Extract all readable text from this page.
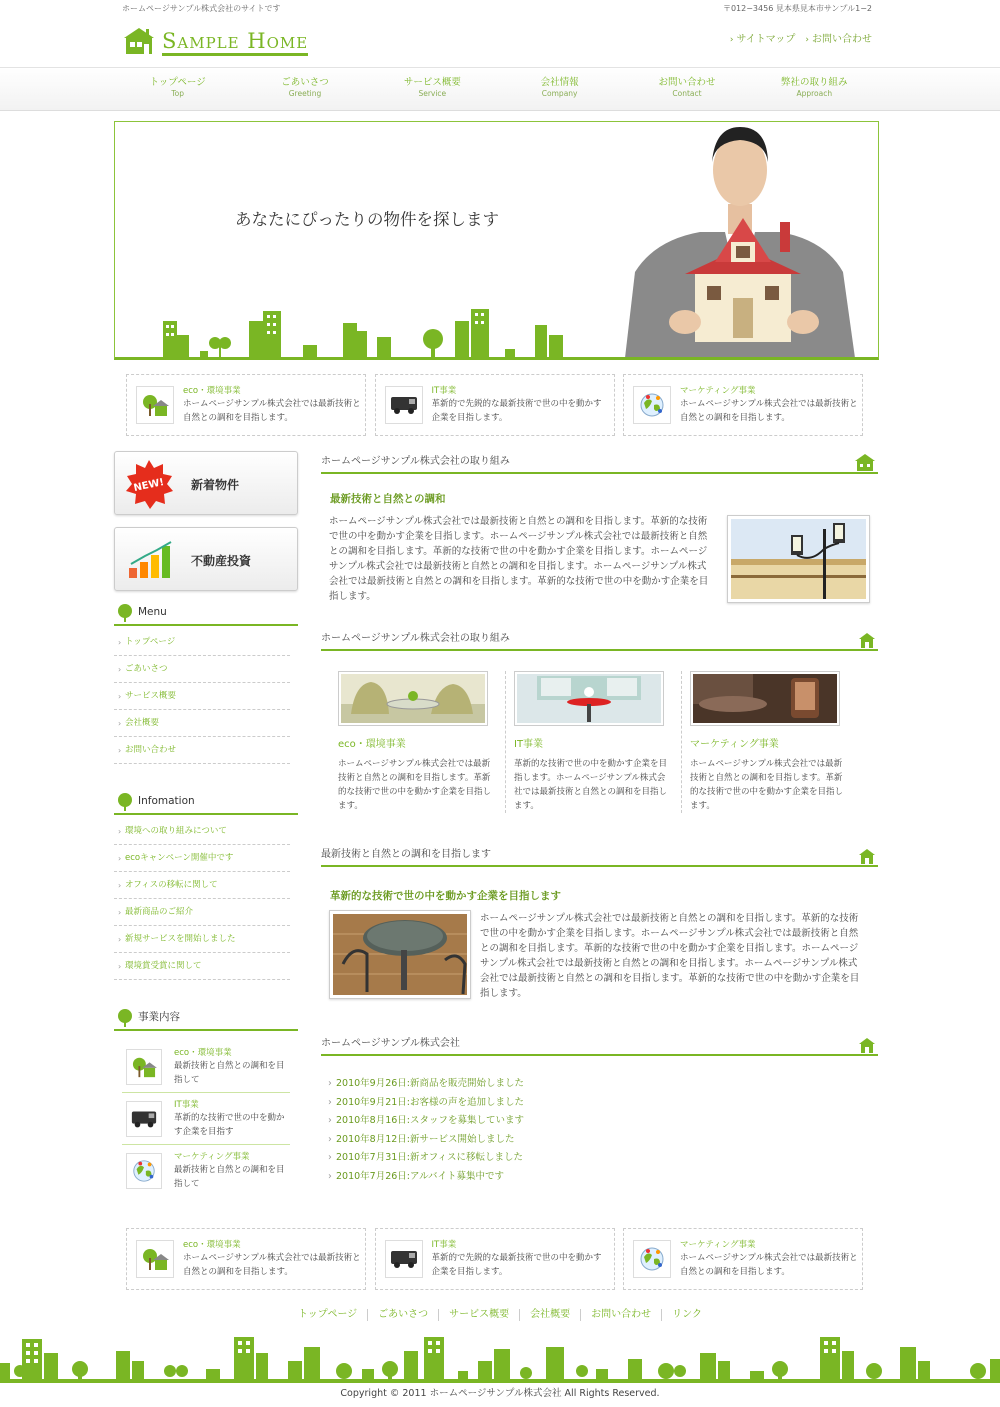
ホームページサンプル株式会社のサイトです	〒012−3456 見本県見本市サンプル1−2
Sample Home	› サイトマップ › お問い合わせ
トップページ
Top
ごあいさつ
Greeting
サービス概要
Service
会社情報
Company
お問い合わせ
Contact
弊社の取り組み
Approach
あなたにぴったりの物件を探します
eco・環境事業
ホームページサンプル株式会社では最新技術と自然との調和を目指します。
IT事業
革新的で先鋭的な最新技術で世の中を動かす企業を目指します。
マーケティング事業
ホームページサンプル株式会社では最新技術と自然との調和を目指します。
NEW! 新着物件
不動産投資
Menu
› トップページ
› ごあいさつ
› サービス概要
› 会社概要
› お問い合わせ
Infomation
› 環境への取り組みについて
› ecoキャンペーン開催中です
› オフィスの移転に関して
› 最新商品のご紹介
› 新規サービスを開始しました
› 環境賞受賞に関して
事業内容
eco・環境事業
最新技術と自然との調和を目指して
IT事業
革新的な技術で世の中を動かす企業を目指す
マーケティング事業
最新技術と自然との調和を目指して
ホームページサンプル株式会社の取り組み
最新技術と自然との調和
ホームページサンプル株式会社では最新技術と自然との調和を目指します。革新的な技術で世の中を動かす企業を目指します。ホームページサンプル株式会社では最新技術と自然との調和を目指します。革新的な技術で世の中を動かす企業を目指します。ホームページサンプル株式会社では最新技術と自然との調和を目指します。ホームページサンプル株式会社では最新技術と自然との調和を目指します。革新的な技術で世の中を動かす企業を目指します。
ホームページサンプル株式会社の取り組み
eco・環境事業
ホームページサンプル株式会社では最新技術と自然との調和を目指します。革新的な技術で世の中を動かす企業を目指します。
IT事業
革新的な技術で世の中を動かす企業を目指します。ホームページサンプル株式会社では最新技術と自然との調和を目指します。
マーケティング事業
ホームページサンプル株式会社では最新技術と自然との調和を目指します。革新的な技術で世の中を動かす企業を目指します。
最新技術と自然との調和を目指します
革新的な技術で世の中を動かす企業を目指します
ホームページサンプル株式会社では最新技術と自然との調和を目指します。革新的な技術で世の中を動かす企業を目指します。ホームページサンプル株式会社では最新技術と自然との調和を目指します。革新的な技術で世の中を動かす企業を目指します。ホームページサンプル株式会社では最新技術と自然との調和を目指します。ホームページサンプル株式会社では最新技術と自然との調和を目指します。革新的な技術で世の中を動かす企業を目指します。
ホームページサンプル株式会社
› 2010年9月26日:新商品を販売開始しました
› 2010年9月21日:お客様の声を追加しました
› 2010年8月16日:スタッフを募集しています
› 2010年8月12日:新サービス開始しました
› 2010年7月31日:新オフィスに移転しました
› 2010年7月26日:アルバイト募集中です
eco・環境事業
ホームページサンプル株式会社では最新技術と自然との調和を目指します。
IT事業
革新的で先鋭的な最新技術で世の中を動かす企業を目指します。
マーケティング事業
ホームページサンプル株式会社では最新技術と自然との調和を目指します。
トップページ	ごあいさつ	サービス概要	会社概要	お問い合わせ	リンク
Copyright © 2011 ホームページサンプル株式会社 All Rights Reserved.
